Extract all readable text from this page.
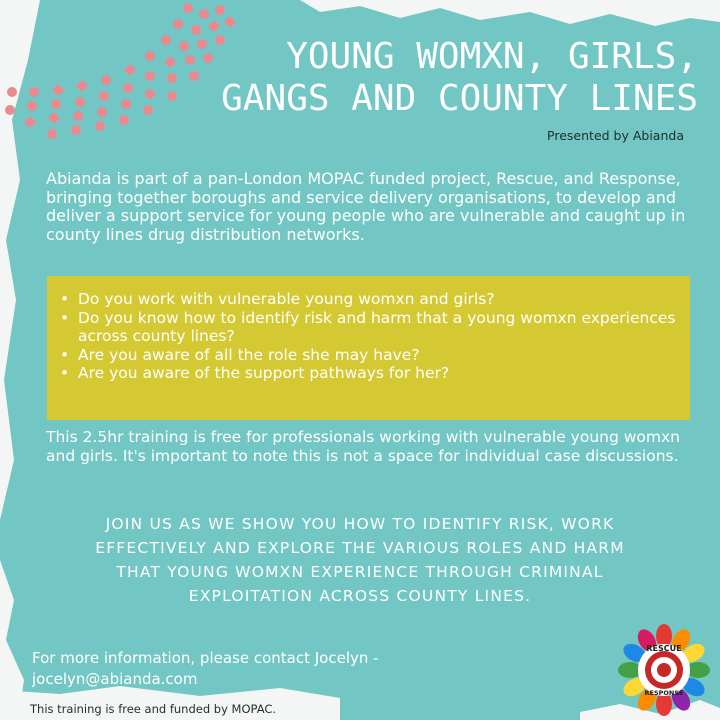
YOUNG WOMXN, GIRLS,
GANGS AND COUNTY LINES
Presented by Abianda

Abianda is part of a pan-London MOPAC funded project, Rescue, and Response, bringing together boroughs and service delivery organisations, to develop and deliver a support service for young people who are vulnerable and caught up in county lines drug distribution networks.

• Do you work with vulnerable young womxn and girls?
• Do you know how to identify risk and harm that a young womxn experiences across county lines?
• Are you aware of all the role she may have?
• Are you aware of the support pathways for her?

This 2.5hr training is free for professionals working with vulnerable young womxn and girls. It's important to note this is not a space for individual case discussions.

JOIN US AS WE SHOW YOU HOW TO IDENTIFY RISK, WORK
EFFECTIVELY AND EXPLORE THE VARIOUS ROLES AND HARM
THAT YOUNG WOMXN EXPERIENCE THROUGH CRIMINAL
EXPLOITATION ACROSS COUNTY LINES.
For more information, please contact Jocelyn -
jocelyn@abianda.com
This training is free and funded by MOPAC.
RESCUE
RESPONSE
